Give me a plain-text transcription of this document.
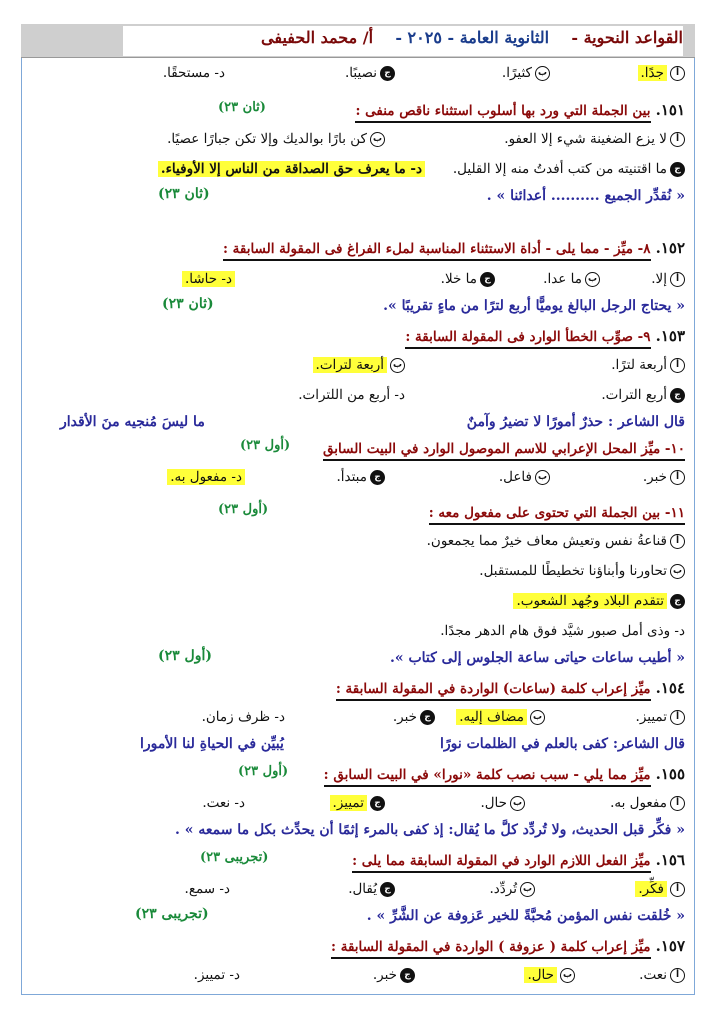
القواعد النحوية -    الثانوية العامة - ٢٠٢٥ -    أ/ محمد الحفيفى
أجدًا.
بكثيرًا.
جنصيبًا.
د- مستحقًا.
١٥١. بين الجملة التي ورد بها أسلوب استثناء ناقص منفى :
(ثان ٢٣)
ألا يزع الضغينة شيء إلا العفو.
بكن بارًا بوالديك وإلا تكن جبارًا عصيًا.
جما اقتنيته من كتب أفدتُ منه إلا القليل.
د- ما يعرف حق الصداقة من الناس إلا الأوفياء.
« نُقدِّر الجميع .......... أعدائنا » .
(ثان ٢٣)
١٥٢. ٨- ميِّز - مما يلى - أداة الاستثناء المناسبة لملء الفراغ فى المقولة السابقة :
أإلا.
بما عدا.
جما خلا.
د- حاشا.
« يحتاج الرجل البالغ يوميًّا أربع لترًا من ماءٍ تقريبًا ».
(ثان ٢٣)
١٥٣. ٩- صوِّب الخطأ الوارد فى المقولة السابقة :
أأربعة لترًا.
بأربعة لترات.
جأربع الترات.
د- أربع من اللترات.
قال الشاعر : حذرٌ أمورًا لا تضيرُ وآمنٌ
ما ليسَ مُنجيه منَ الأقدار
١٠- ميِّز المحل الإعرابي للاسم الموصول الوارد في البيت السابق
(أول ٢٣)
أخبر.
بفاعل.
جمبتدأ.
د- مفعول به.
١١- بين الجملة التي تحتوى على مفعول معه :
(أول ٢٣)
أقناعةُ نفس وتعيش معاف خيرٌ مما يجمعون.
بتحاورنا وأبناؤنا تخطيطًا للمستقبل.
جتتقدم البلاد وجُهد الشعوب.
د- وذى أمل صبور شيَّد فوق هام الدهر مجدًا.
« أطيب ساعات حياتى ساعة الجلوس إلى كتاب ».
(أول ٢٣)
١٥٤. ميِّز إعراب كلمة (ساعات) الواردة في المقولة السابقة :
أتمييز.
بمضاف إليه.
جخبر.
د- ظرف زمان.
قال الشاعر: كفى بالعلم في الظلمات نورًا
يُبيِّن في الحياةِ لنا الأمورا
١٥٥. ميِّز مما يلي - سبب نصب كلمة «نورا» في البيت السابق :
(أول ٢٣)
أمفعول به.
بحال.
جتمييز.
د- نعت.
« فكِّر قبل الحديث، ولا تُردِّد كلَّ ما يُقال: إذ كفى بالمرء إثمًا أن يحدِّث بكل ما سمعه » .
١٥٦. ميِّز الفعل اللازم الوارد في المقولة السابقة مما يلى :
(تجريبى ٢٣)
أفكِّر.
بتُردِّد.
جيُقال.
د- سمع.
« خُلقت نفس المؤمن مُحبَّةً للخير عَزوفة عن الشَّرِّ » .
(تجريبى ٢٣)
١٥٧. ميِّز إعراب كلمة ( عزوفة ) الواردة في المقولة السابقة :
أنعت.
بحال.
جخبر.
د- تمييز.
